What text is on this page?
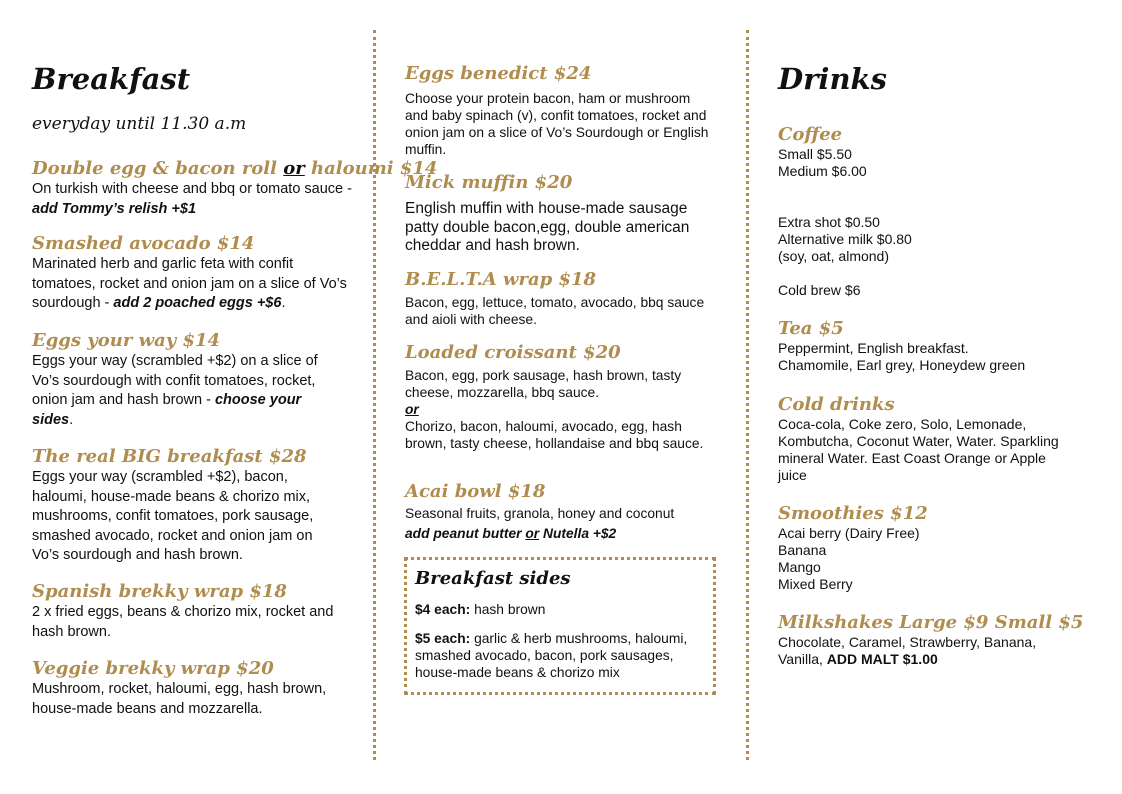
Breakfast

everyday until 11.30 a.m

Double egg & bacon roll or haloumi $14

On turkish with cheese and bbq or tomato sauce - add Tommy’s relish +$1

Smashed avocado $14

Marinated herb and garlic feta with confit tomatoes, rocket and onion jam on a slice of Vo’s sourdough - add 2 poached eggs +$6.

Eggs your way $14

Eggs your way (scrambled +$2) on a slice of Vo’s sourdough with confit tomatoes, rocket, onion jam and hash brown - choose your sides.

The real BIG breakfast $28

Eggs your way (scrambled +$2), bacon, haloumi, house-made beans & chorizo mix, mushrooms, confit tomatoes, pork sausage, smashed avocado, rocket and onion jam on Vo’s sourdough and hash brown.

Spanish brekky wrap $18

2 x fried eggs, beans & chorizo mix, rocket and hash brown.

Veggie brekky wrap $20

Mushroom, rocket, haloumi, egg, hash brown, house-made beans and mozzarella.

Eggs benedict $24

Choose your protein bacon, ham or mushroom and baby spinach (v), confit tomatoes, rocket and onion jam on a slice of Vo’s Sourdough or English muffin.

Mick muffin $20

English muffin with house-made sausage patty double bacon,egg, double american cheddar and hash brown.

B.E.L.T.A wrap $18

Bacon, egg, lettuce, tomato, avocado, bbq sauce and aioli with cheese.

Loaded croissant $20

Bacon, egg, pork sausage, hash brown, tasty cheese, mozzarella, bbq sauce.

or

Chorizo, bacon, haloumi, avocado, egg, hash brown, tasty cheese, hollandaise and bbq sauce.

Acai bowl $18

Seasonal fruits, granola, honey and coconut

add peanut butter or Nutella +$2

Breakfast sides

$4 each: hash brown

$5 each: garlic & herb mushrooms, haloumi, smashed avocado, bacon, pork sausages, house-made beans & chorizo mix

Drinks

Coffee

Small $5.50

Medium $6.00

Extra shot $0.50

Alternative milk $0.80

(soy, oat, almond)

Cold brew $6

Tea $5

Peppermint, English breakfast.

Chamomile, Earl grey, Honeydew green

Cold drinks

Coca-cola, Coke zero, Solo, Lemonade, Kombutcha, Coconut Water, Water. Sparkling mineral Water. East Coast Orange or Apple juice

Smoothies $12

Acai berry (Dairy Free)

Banana

Mango

Mixed Berry

Milkshakes Large $9 Small $5

Chocolate, Caramel, Strawberry, Banana, Vanilla, ADD MALT $1.00
